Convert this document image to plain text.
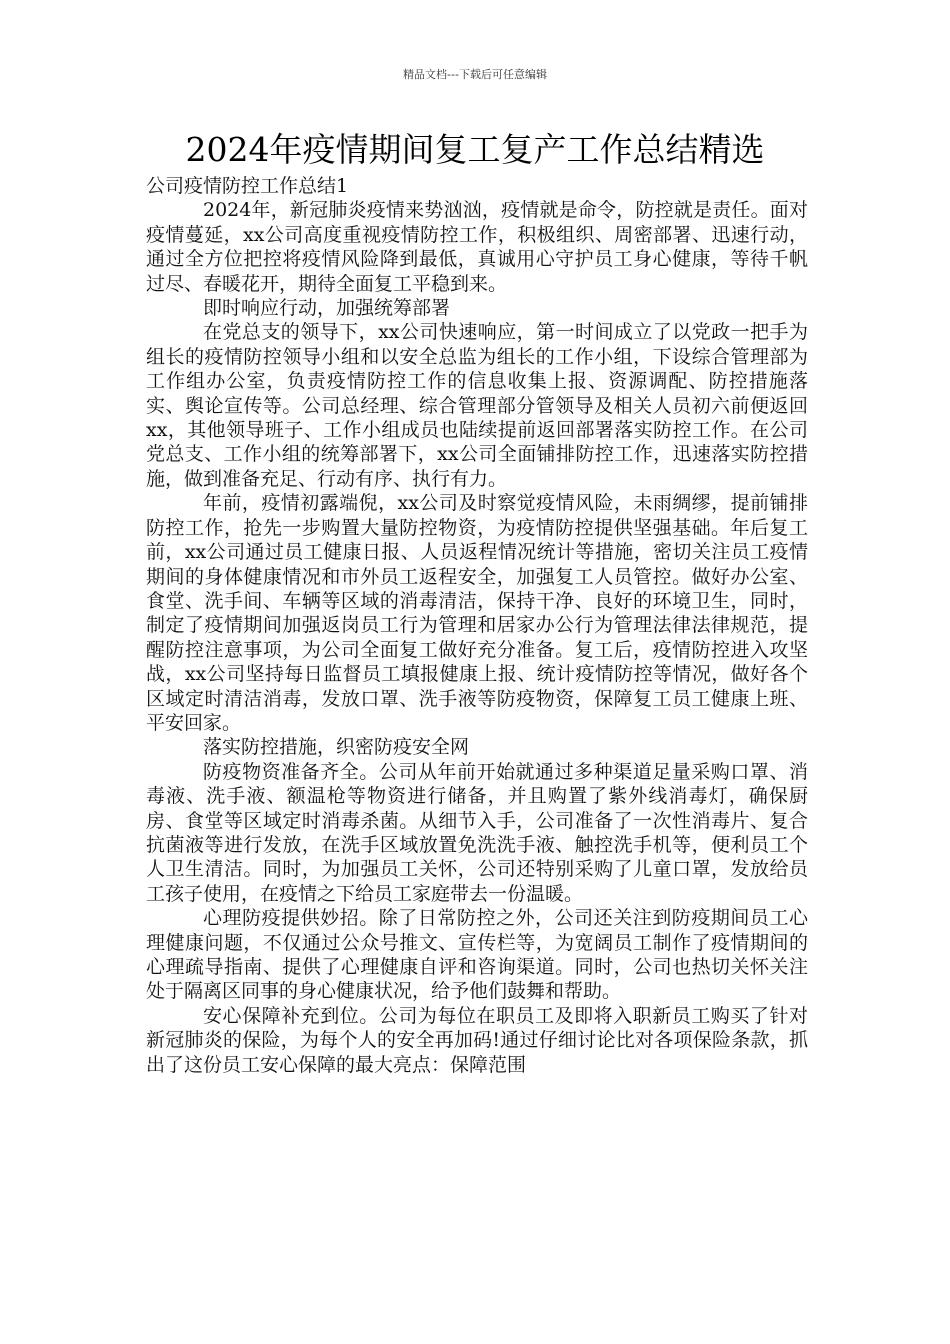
精品文档---下载后可任意编辑
2024年疫情期间复工复产工作总结精选

公司疫情防控工作总结1

2024年，新冠肺炎疫情来势汹汹，疫情就是命令，防控就是责任。面对疫情蔓延，xx公司高度重视疫情防控工作，积极组织、周密部署、迅速行动，通过全方位把控将疫情风险降到最低，真诚用心守护员工身心健康，等待千帆过尽、春暖花开，期待全面复工平稳到来。

即时响应行动，加强统筹部署

在党总支的领导下，xx公司快速响应，第一时间成立了以党政一把手为组长的疫情防控领导小组和以安全总监为组长的工作小组，下设综合管理部为工作组办公室，负责疫情防控工作的信息收集上报、资源调配、防控措施落实、舆论宣传等。公司总经理、综合管理部分管领导及相关人员初六前便返回xx，其他领导班子、工作小组成员也陆续提前返回部署落实防控工作。在公司党总支、工作小组的统筹部署下，xx公司全面铺排防控工作，迅速落实防控措施，做到准备充足、行动有序、执行有力。

年前，疫情初露端倪，xx公司及时察觉疫情风险，未雨绸缪，提前铺排防控工作，抢先一步购置大量防控物资，为疫情防控提供坚强基础。年后复工前，xx公司通过员工健康日报、人员返程情况统计等措施，密切关注员工疫情期间的身体健康情况和市外员工返程安全，加强复工人员管控。做好办公室、食堂、洗手间、车辆等区域的消毒清洁，保持干净、良好的环境卫生，同时，制定了疫情期间加强返岗员工行为管理和居家办公行为管理法律法律规范，提醒防控注意事项，为公司全面复工做好充分准备。复工后，疫情防控进入攻坚战，xx公司坚持每日监督员工填报健康上报、统计疫情防控等情况，做好各个区域定时清洁消毒，发放口罩、洗手液等防疫物资，保障复工员工健康上班、平安回家。

落实防控措施，织密防疫安全网

防疫物资准备齐全。公司从年前开始就通过多种渠道足量采购口罩、消毒液、洗手液、额温枪等物资进行储备，并且购置了紫外线消毒灯，确保厨房、食堂等区域定时消毒杀菌。从细节入手，公司准备了一次性消毒片、复合抗菌液等进行发放，在洗手区域放置免洗洗手液、触控洗手机等，便利员工个人卫生清洁。同时，为加强员工关怀，公司还特别采购了儿童口罩，发放给员工孩子使用，在疫情之下给员工家庭带去一份温暖。

心理防疫提供妙招。除了日常防控之外，公司还关注到防疫期间员工心理健康问题，不仅通过公众号推文、宣传栏等，为宽阔员工制作了疫情期间的心理疏导指南、提供了心理健康自评和咨询渠道。同时，公司也热切关怀关注处于隔离区同事的身心健康状况，给予他们鼓舞和帮助。

安心保障补充到位。公司为每位在职员工及即将入职新员工购买了针对新冠肺炎的保险，为每个人的安全再加码!通过仔细讨论比对各项保险条款，抓出了这份员工安心保障的最大亮点：保障范围
